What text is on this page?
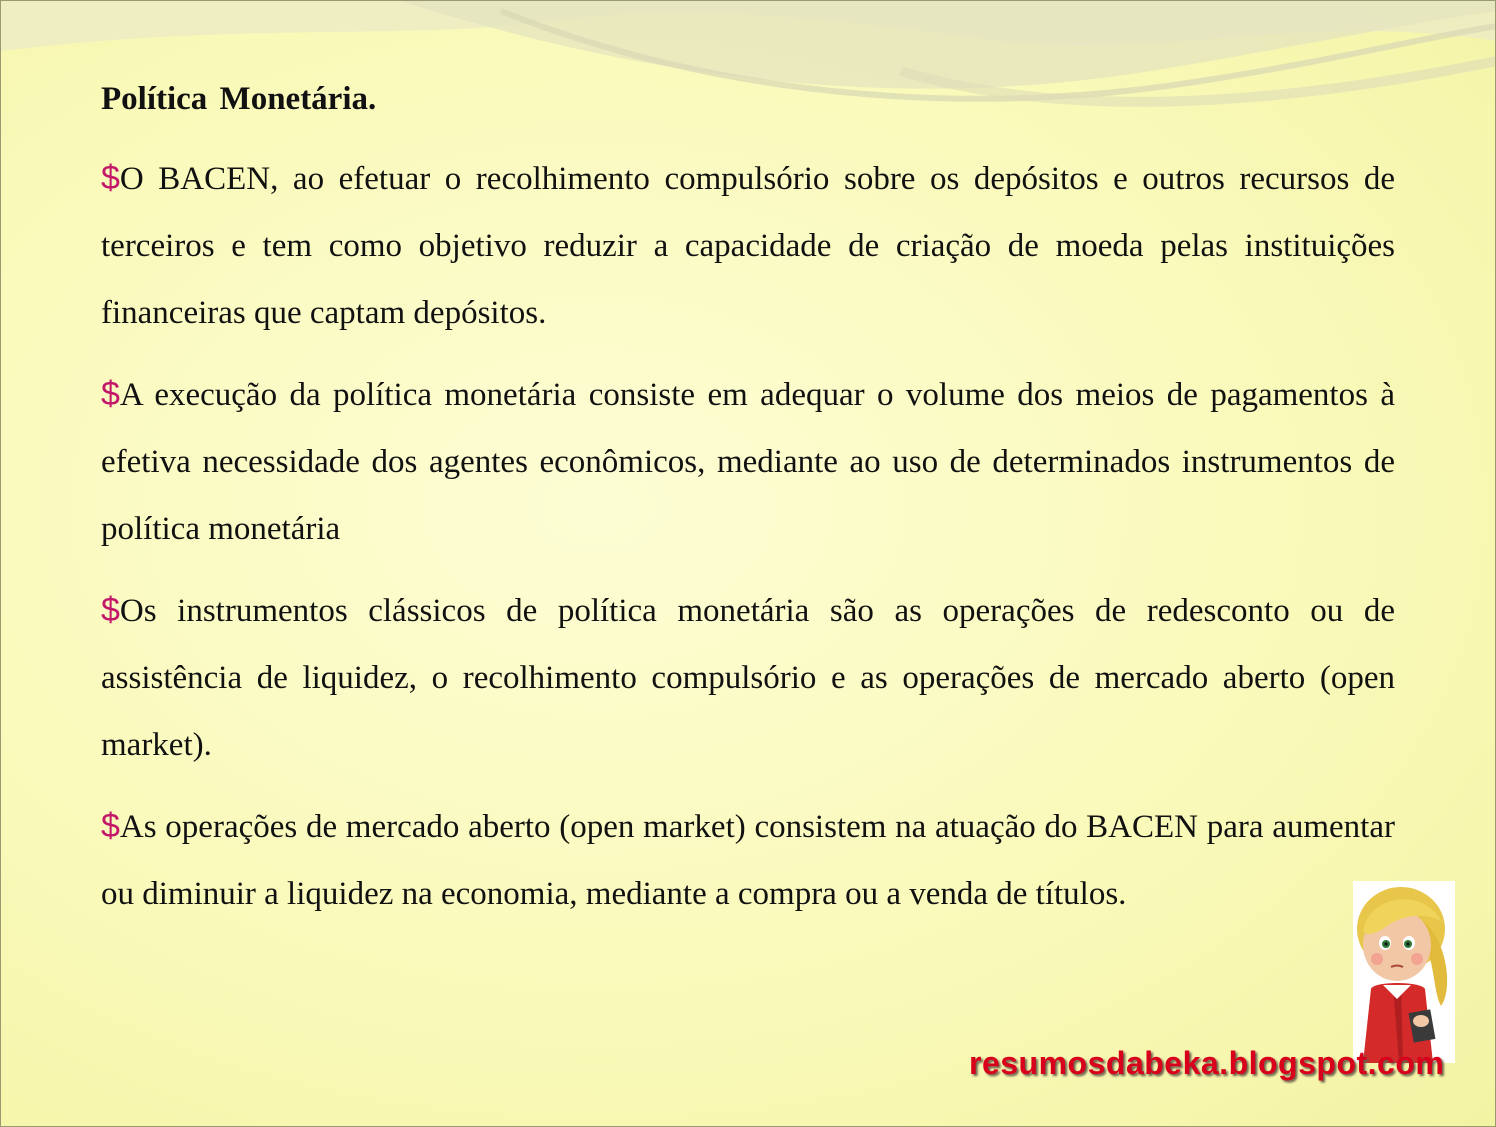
Política Monetária.

$O BACEN, ao efetuar o recolhimento compulsório sobre os depósitos e outros recursos de terceiros e tem como objetivo reduzir a capacidade de criação de moeda pelas instituições financeiras que captam depósitos.

$A execução da política monetária consiste em adequar o volume dos meios de pagamentos à efetiva necessidade dos agentes econômicos, mediante ao uso de determinados instrumentos de política monetária

$Os instrumentos clássicos de política monetária são as operações de redesconto ou de assistência de liquidez, o recolhimento compulsório e as operações de mercado aberto (open market).

$As operações de mercado aberto (open market) consistem na atuação do BACEN para aumentar ou diminuir a liquidez na economia, mediante a compra ou a venda de títulos.

resumosdabeka.blogspot.com
